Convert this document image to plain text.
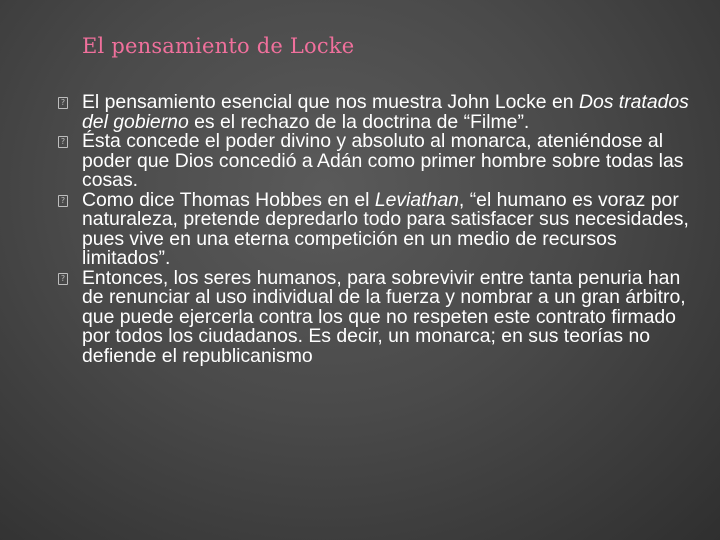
El pensamiento de Locke
?
El pensamiento esencial que nos muestra John Locke en Dos tratados del gobierno es el rechazo de la doctrina de “Filme”.
?
Ésta concede el poder divino y absoluto al monarca, ateniéndose al poder que Dios concedió a Adán como primer hombre sobre todas las cosas.
?
Como dice Thomas Hobbes en el Leviathan, “el humano es voraz por naturaleza, pretende depredarlo todo para satisfacer sus necesidades, pues vive en una eterna competición en un medio de recursos limitados”.
?
Entonces, los seres humanos, para sobrevivir entre tanta penuria han de renunciar al uso individual de la fuerza y nombrar a un gran árbitro, que puede ejercerla contra los que no respeten este contrato firmado por todos los ciudadanos. Es decir, un monarca; en sus teorías no defiende el republicanismo
